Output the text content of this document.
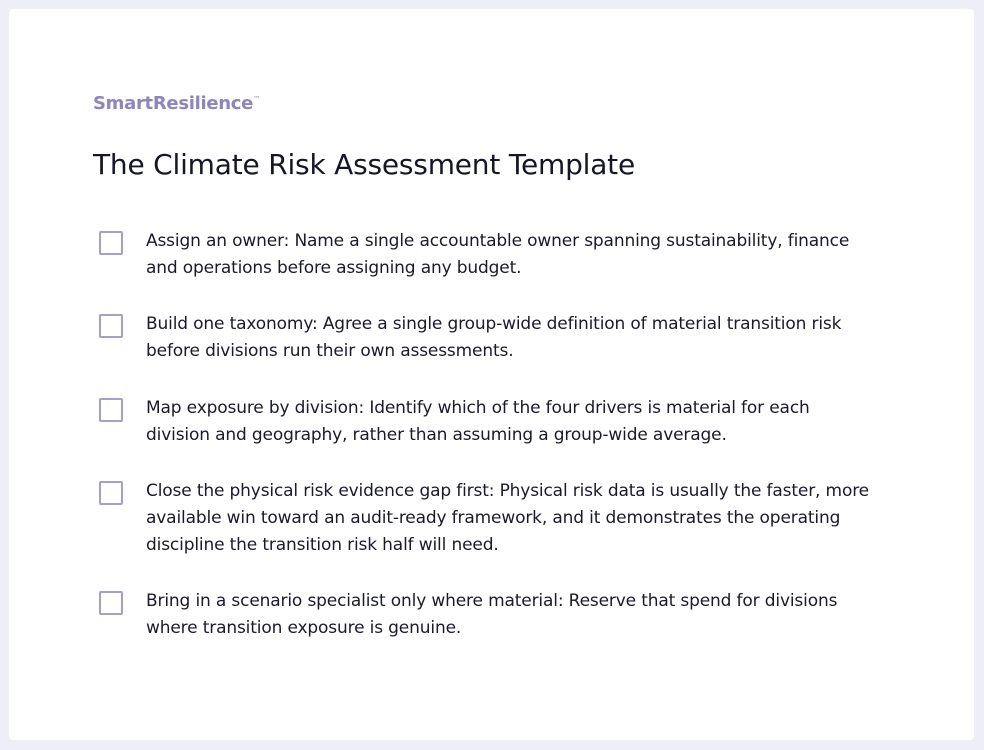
SmartResilience™
The Climate Risk Assessment Template
Assign an owner: Name a single accountable owner spanning sustainability, finance and operations before assigning any budget.
Build one taxonomy: Agree a single group-wide definition of material transition risk before divisions run their own assessments.
Map exposure by division: Identify which of the four drivers is material for each division and geography, rather than assuming a group-wide average.
Close the physical risk evidence gap first: Physical risk data is usually the faster, more available win toward an audit-ready framework, and it demonstrates the operating discipline the transition risk half will need.
Bring in a scenario specialist only where material: Reserve that spend for divisions where transition exposure is genuine.
